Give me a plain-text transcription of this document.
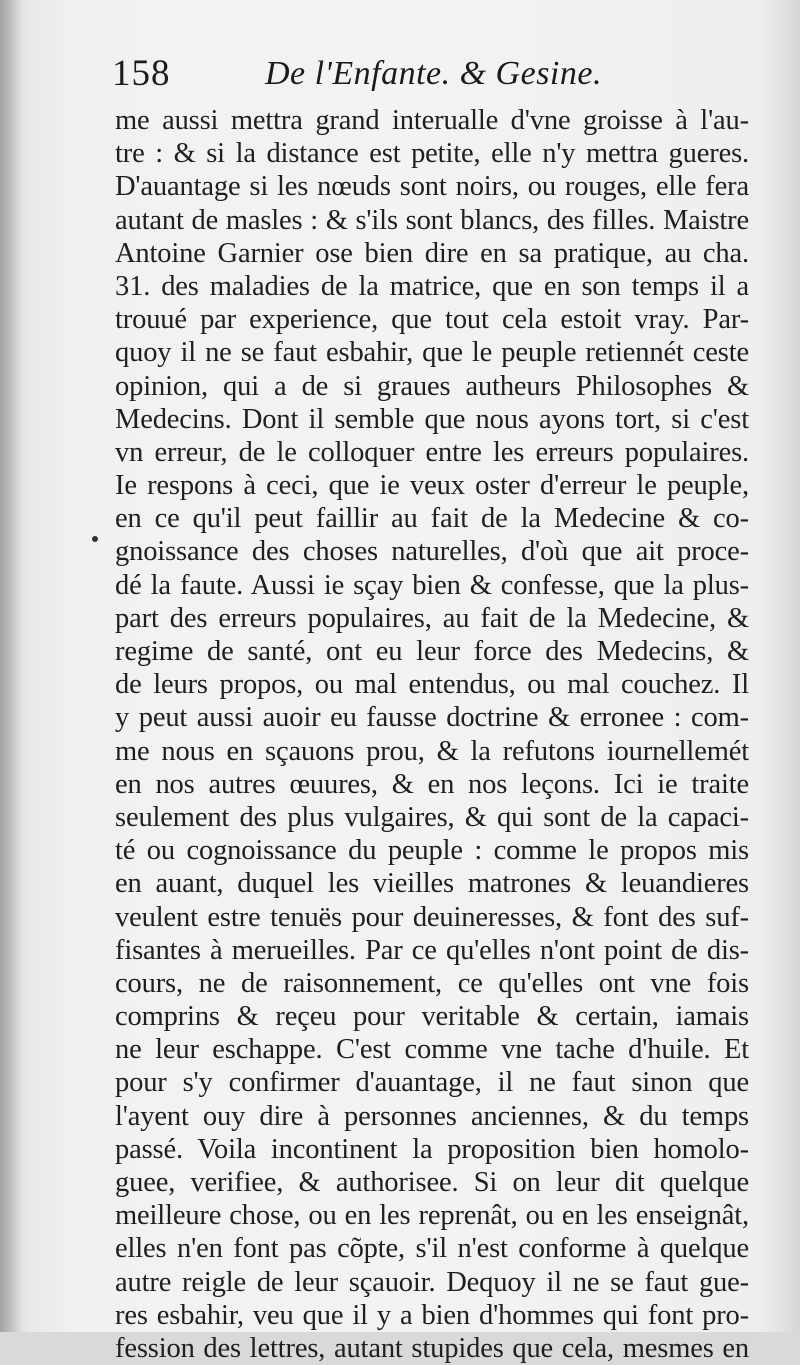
158	De l'Enfante. & Gesine.
me aussi mettra grand interualle d'vne groisse à l'au-
tre : & si la distance est petite, elle n'y mettra gueres.
D'auantage si les nœuds sont noirs, ou rouges, elle fera
autant de masles : & s'ils sont blancs, des filles. Maistre
Antoine Garnier ose bien dire en sa pratique, au cha.
31. des maladies de la matrice, que en son temps il a
trouué par experience, que tout cela estoit vray. Par-
quoy il ne se faut esbahir, que le peuple retiennét ceste
opinion, qui a de si graues autheurs Philosophes &
Medecins. Dont il semble que nous ayons tort, si c'est
vn erreur, de le colloquer entre les erreurs populaires.
Ie respons à ceci, que ie veux oster d'erreur le peuple,
en ce qu'il peut faillir au fait de la Medecine & co-
gnoissance des choses naturelles, d'où que ait proce-
dé la faute. Aussi ie sçay bien & confesse, que la plus-
part des erreurs populaires, au fait de la Medecine, &
regime de santé, ont eu leur force des Medecins, &
de leurs propos, ou mal entendus, ou mal couchez. Il
y peut aussi auoir eu fausse doctrine & erronee : com-
me nous en sçauons prou, & la refutons iournellemét
en nos autres œuures, & en nos leçons. Ici ie traite
seulement des plus vulgaires, & qui sont de la capaci-
té ou cognoissance du peuple : comme le propos mis
en auant, duquel les vieilles matrones & leuandieres
veulent estre tenuës pour deuineresses, & font des suf-
fisantes à merueilles. Par ce qu'elles n'ont point de dis-
cours, ne de raisonnement, ce qu'elles ont vne fois
comprins & reçeu pour veritable & certain, iamais
ne leur eschappe. C'est comme vne tache d'huile. Et
pour s'y confirmer d'auantage, il ne faut sinon que
l'ayent ouy dire à personnes anciennes, & du temps
passé. Voila incontinent la proposition bien homolo-
guee, verifiee, & authorisee. Si on leur dit quelque
meilleure chose, ou en les reprenât, ou en les enseignât,
elles n'en font pas cõpte, s'il n'est conforme à quelque
autre reigle de leur sçauoir. Dequoy il ne se faut gue-
res esbahir, veu que il y a bien d'hommes qui font pro-
fession des lettres, autant stupides que cela, mesmes en
